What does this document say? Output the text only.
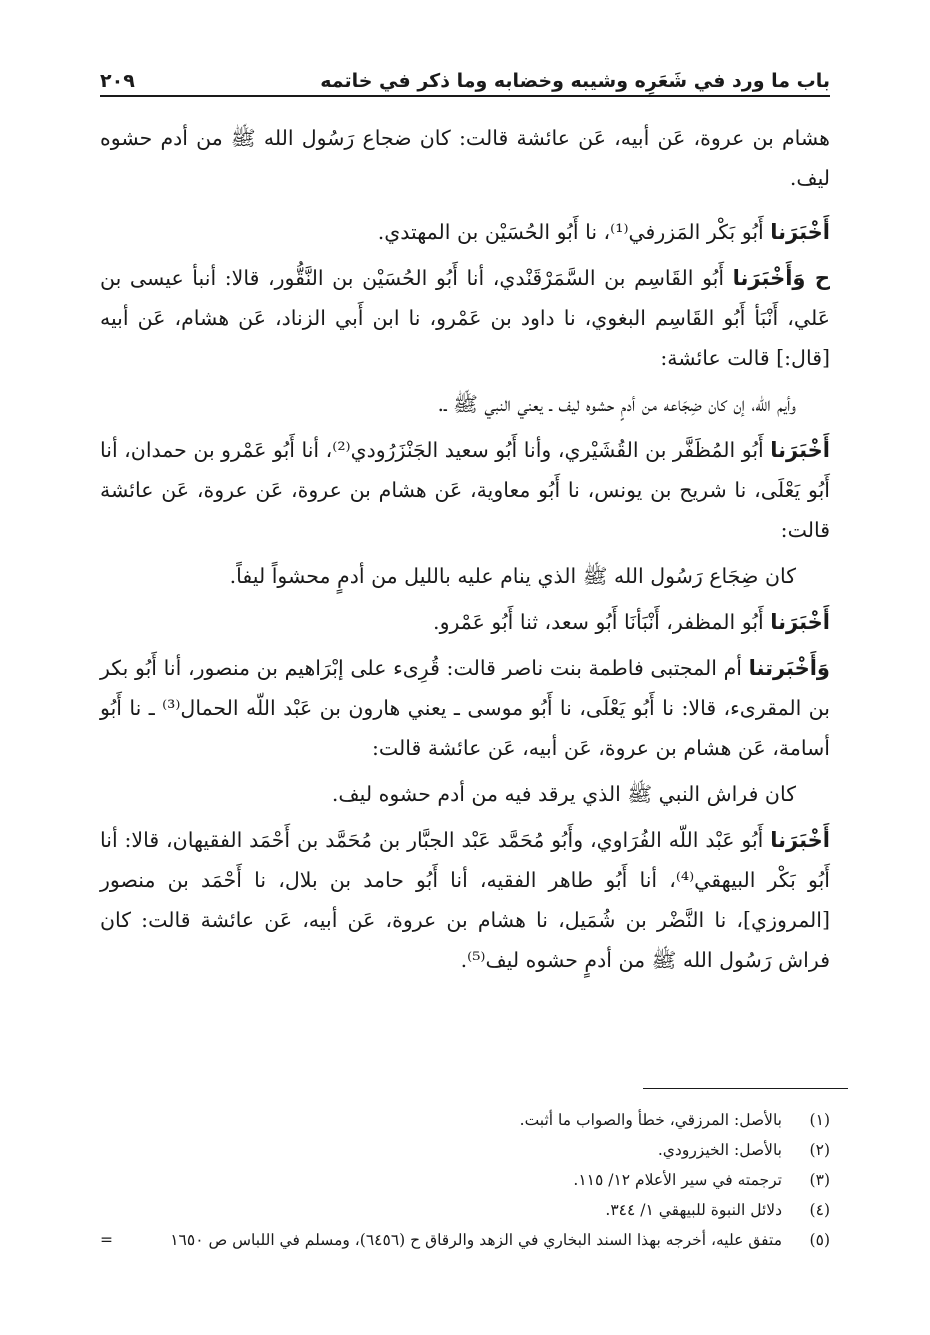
باب ما ورد في شَعَرِه وشيبه وخضابه وما ذكر في خاتمه
٢٠٩

هشام بن عروة، عَن أبيه، عَن عائشة قالت: كان ضجاع رَسُول الله ﷺ من أدم حشوه ليف.

أَخْبَرَنا أَبُو بَكْر المَزرفي⁽¹⁾، نا أَبُو الحُسَيْن بن المهتدي.

ح وَأَخْبَرَنا أَبُو القَاسِم بن السَّمَرْقَنْدي، أنا أَبُو الحُسَيْن بن النَّقُّور، قالا: أنبأ عيسى بن عَلي، أَنْبَأ أَبُو القَاسِم البغوي، نا داود بن عَمْرو، نا ابن أَبي الزناد، عَن هشام، عَن أبيه [قال:] قالت عائشة:

وأيم الله، إن كان ضِجَاعه من أدمٍ حشوه ليف ـ يعني النبي ﷺ ـ.

أَخْبَرَنا أَبُو المُظَفَّر بن القُشَيْري، وأنا أَبُو سعيد الجَنْزَرُودي⁽²⁾، أنا أَبُو عَمْرو بن حمدان، أنا أَبُو يَعْلَى، نا شريح بن يونس، نا أَبُو معاوية، عَن هشام بن عروة، عَن عروة، عَن عائشة قالت:

كان ضِجَاع رَسُول الله ﷺ الذي ينام عليه بالليل من أدمٍ محشواً ليفاً.

أَخْبَرَنا أَبُو المظفر، أَنْبَأنَا أَبُو سعد، ثنا أَبُو عَمْرو.

وَأَخْبَرتنا أم المجتبى فاطمة بنت ناصر قالت: قُرِىء على إبْرَاهيم بن منصور، أنا أَبُو بكر بن المقرىء، قالا: نا أَبُو يَعْلَى، نا أَبُو موسى ـ يعني هارون بن عَبْد اللّه الحمال⁽³⁾ ـ نا أَبُو أسامة، عَن هشام بن عروة، عَن أبيه، عَن عائشة قالت:

كان فراش النبي ﷺ الذي يرقد فيه من أدم حشوه ليف.

أَخْبَرَنا أَبُو عَبْد اللّه الفُرَاوي، وأَبُو مُحَمَّد عَبْد الجبَّار بن مُحَمَّد بن أَحْمَد الفقيهان، قالا: أنا أَبُو بَكْر البيهقي⁽⁴⁾، أنا أَبُو طاهر الفقيه، أنا أَبُو حامد بن بلال، نا أَحْمَد بن منصور [المروزي]، نا النَّضْر بن شُمَيل، نا هشام بن عروة، عَن أبيه، عَن عائشة قالت: كان فراش رَسُول الله ﷺ من أدمٍ حشوه ليف⁽⁵⁾.

(١)
بالأصل: المرزقي، خطأ والصواب ما أثبت.
(٢)
بالأصل: الخيزرودي.
(٣)
ترجمته في سير الأعلام ١٢/ ١١٥.
(٤)
دلائل النبوة للبيهقي ١/ ٣٤٤.
(٥)
متفق عليه، أخرجه بهذا السند البخاري في الزهد والرقاق ح (٦٤٥٦)، ومسلم في اللباس ص ١٦٥٠
=
